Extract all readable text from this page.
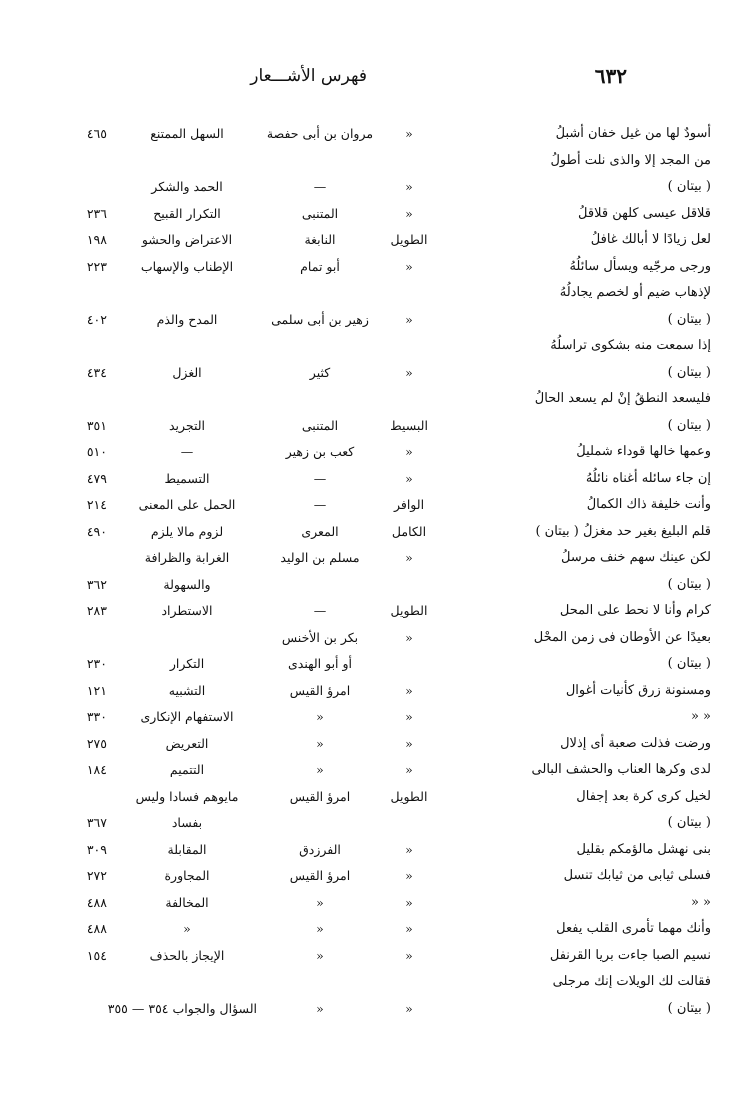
٦٣٢
فهرس الأشـــعار
أسودٌ لها من غيل خفان أشبلُ
«
مروان بن أبى حفصة
السهل الممتنع
٤٦٥
من المجد إلا والذى نلت أطولُ
( بيتان )
«
—
الحمد والشكر
قلاقل عيسى كلهن قلاقلُ
«
المتنبى
التكرار القبيح
٢٣٦
لعل زيادًا لا أبالك غافلُ
الطويل
النابغة
الاعتراض والحشو
١٩٨
ورجى مرجّيه ويسأل سائلُهُ
«
أبو تمام
الإطناب والإسهاب
٢٢٣
لإذهاب ضيم أو لخصم يجادلُهُ
( بيتان )
«
زهير بن أبى سلمى
المدح والذم
٤٠٢
إذا سمعت منه بشكوى تراسلُهُ
( بيتان )
«
كثير
الغزل
٤٣٤
فليسعد النطقُ إنْ لم يسعد الحالُ
( بيتان )
البسيط
المتنبى
التجريد
٣٥١
وعمها خالها قوداء شمليلُ
«
كعب بن زهير
—
٥١٠
إن جاء سائله أغناه نائلُهُ
«
—
التسميط
٤٧٩
وأنت خليفة ذاك الكمالُ
الوافر
—
الحمل على المعنى
٢١٤
قلم البليغ بغير حد مغزلُ ( بيتان )
الكامل
المعرى
لزوم مالا يلزم
٤٩٠
لكن عينك سهم خنف مرسلُ
«
مسلم بن الوليد
الغرابة والظرافة
( بيتان )
والسهولة
٣٦٢
كرام وأنا لا نحط على المحل
الطويل
—
الاستطراد
٢٨٣
بعيدًا عن الأوطان فى زمن المحْل
«
بكر بن الأخنس
( بيتان )
أو أبو الهندى
التكرار
٢٣٠
ومسنونة زرق كأنيات أغوال
«
امرؤ القيس
التشبيه
١٢١
« «
«
«
الاستفهام الإنكارى
٣٣٠
ورضت فذلت صعبة أى إذلال
«
«
التعريض
٢٧٥
لدى وكرها العناب والحشف البالى
«
«
التتميم
١٨٤
لخيل كرى كرة بعد إجفال
الطويل
امرؤ القيس
مايوهم فسادا وليس
( بيتان )
بفساد
٣٦٧
بنى نهشل مالؤمكم بقليل
«
الفرزدق
المقابلة
٣٠٩
فسلى ثيابى من ثيابك تنسل
«
امرؤ القيس
المجاورة
٢٧٢
« «
«
«
المخالفة
٤٨٨
وأنك مهما تأمرى القلب يفعل
«
«
«
٤٨٨
نسيم الصبا جاءت بريا القرنفل
«
«
الإيجاز بالحذف
١٥٤
فقالت لك الويلات إنك مرجلى
( بيتان )
«
«
السؤال والجواب ٣٥٤ — ٣٥٥
